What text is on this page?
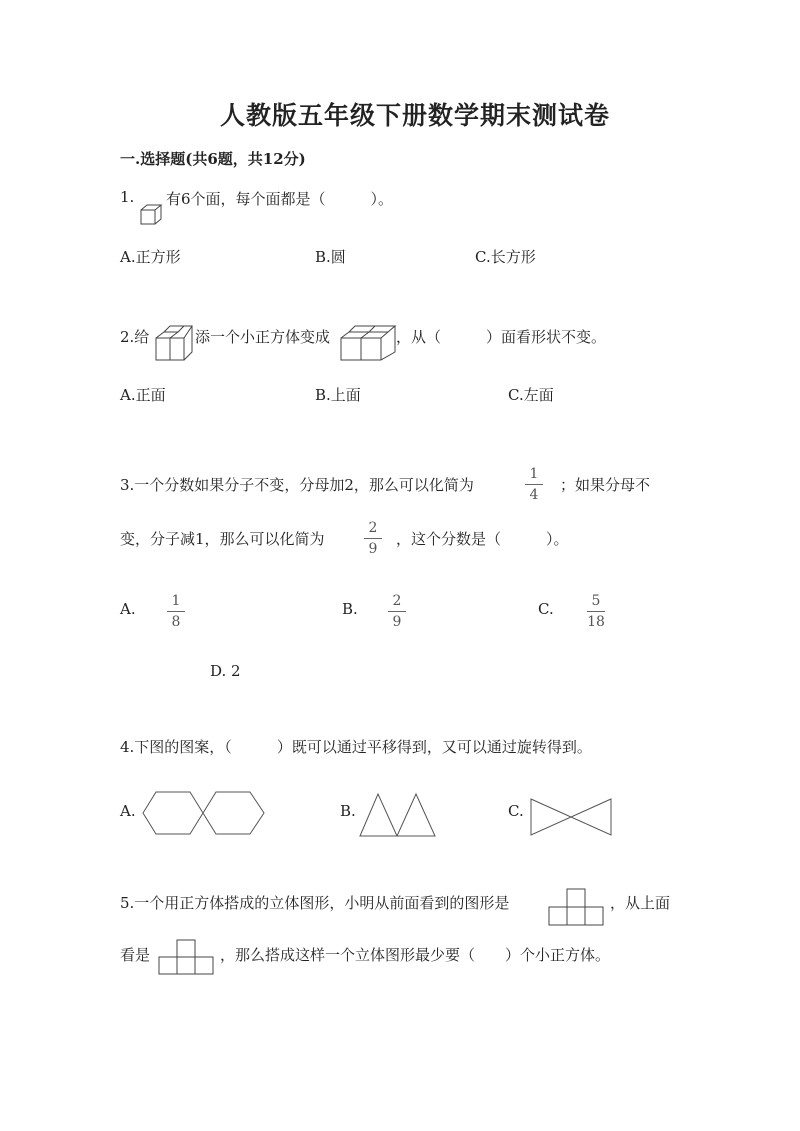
人教版五年级下册数学期末测试卷
一.选择题(共6题，共12分)
1. 有6个面，每个面都是（　　　）。
A.正方形	B.圆	C.长方形
2.给	添一个小正方体变成	，从（　　　）面看形状不变。
A.正面	B.上面	C.左面
3.一个分数如果分子不变，分母加2，那么可以化简为
1
4
；如果分母不
变，分子减1，那么可以化简为
2
9
，这个分数是（　　　）。
A.	1
8
B.	2
9
C.	5
18
D. 2
4.下图的图案，（　　　）既可以通过平移得到，又可以通过旋转得到。
A.	B.	C.
5.一个用正方体搭成的立体图形，小明从前面看到的图形是	，从上面
看是	，那么搭成这样一个立体图形最少要（　　）个小正方体。
